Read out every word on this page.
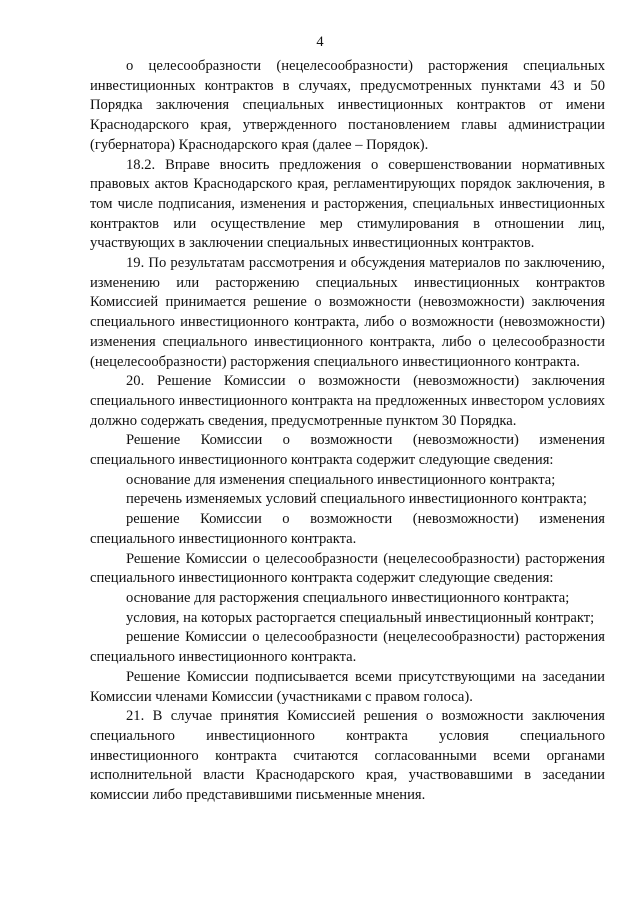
4

о целесообразности (нецелесообразности) расторжения специальных инвестиционных контрактов в случаях, предусмотренных пунктами 43 и 50 Порядка заключения специальных инвестиционных контрактов от имени Краснодарского края, утвержденного постановлением главы администрации (губернатора) Краснодарского края (далее – Порядок).

18.2. Вправе вносить предложения о совершенствовании нормативных правовых актов Краснодарского края, регламентирующих порядок заключения, в том числе подписания, изменения и расторжения, специальных инвестиционных контрактов или осуществление мер стимулирования в отношении лиц, участвующих в заключении специальных инвестиционных контрактов.

19. По результатам рассмотрения и обсуждения материалов по заключению, изменению или расторжению специальных инвестиционных контрактов Комиссией принимается решение о возможности (невозможности) заключения специального инвестиционного контракта, либо о возможности (невозможности) изменения специального инвестиционного контракта, либо о целесообразности (нецелесообразности) расторжения специального инвестиционного контракта.

20. Решение Комиссии о возможности (невозможности) заключения специального инвестиционного контракта на предложенных инвестором условиях должно содержать сведения, предусмотренные пунктом 30 Порядка.

Решение Комиссии о возможности (невозможности) изменения специального инвестиционного контракта содержит следующие сведения:

основание для изменения специального инвестиционного контракта;

перечень изменяемых условий специального инвестиционного контракта;

решение Комиссии о возможности (невозможности) изменения специального инвестиционного контракта.

Решение Комиссии о целесообразности (нецелесообразности) расторжения специального инвестиционного контракта содержит следующие сведения:

основание для расторжения специального инвестиционного контракта;

условия, на которых расторгается специальный инвестиционный контракт;

решение Комиссии о целесообразности (нецелесообразности) расторжения специального инвестиционного контракта.

Решение Комиссии подписывается всеми присутствующими на заседании Комиссии членами Комиссии (участниками с правом голоса).

21. В случае принятия Комиссией решения о возможности заключения специального инвестиционного контракта условия специального инвестиционного контракта считаются согласованными всеми органами исполнительной власти Краснодарского края, участвовавшими в заседании комиссии либо представившими письменные мнения.
